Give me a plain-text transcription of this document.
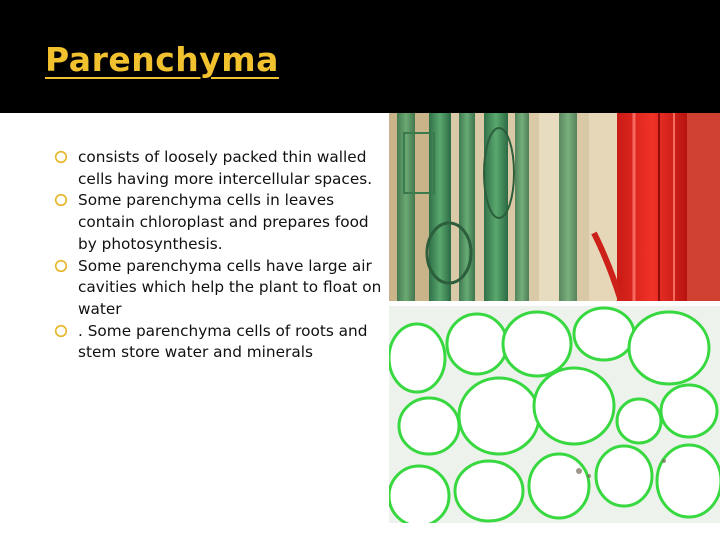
Parenchyma
consists of loosely packed thin walled cells having more intercellular spaces.
Some parenchyma cells in leaves contain chloroplast and prepares food by photosynthesis.
Some parenchyma cells have large air cavities which help the plant to float on water
. Some parenchyma cells of roots and stem store water and minerals
